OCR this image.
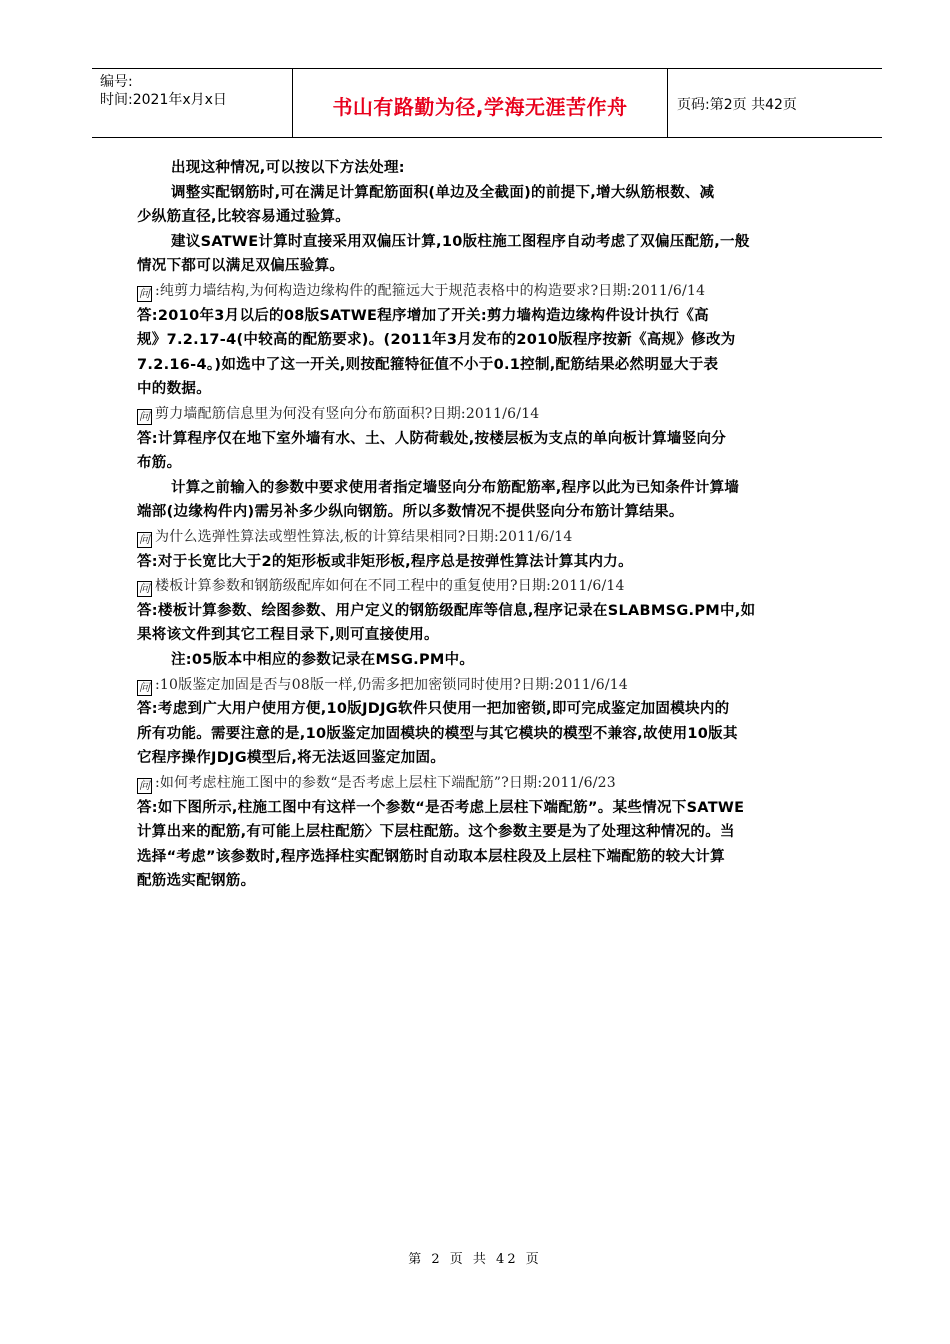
编号:
时间:2021年x月x日	书山有路勤为径,学海无涯苦作舟	页码:第2页 共42页
出现这种情况,可以按以下方法处理:
调整实配钢筋时,可在满足计算配筋面积(单边及全截面)的前提下,增大纵筋根数、减
少纵筋直径,比较容易通过验算。
建议SATWE计算时直接采用双偏压计算,10版柱施工图程序自动考虑了双偏压配筋,一般
情况下都可以满足双偏压验算。
问 :纯剪力墙结构,为何构造边缘构件的配箍远大于规范表格中的构造要求?日期:2011/6/14
答:2010年3月以后的08版SATWE程序增加了开关:剪力墙构造边缘构件设计执行《高
规》7.2.17-4(中较高的配筋要求)。(2011年3月发布的2010版程序按新《高规》修改为
7.2.16-4。)如选中了这一开关,则按配箍特征值不小于0.1控制,配筋结果必然明显大于表
中的数据。
问 剪力墙配筋信息里为何没有竖向分布筋面积?日期:2011/6/14
答:计算程序仅在地下室外墙有水、土、人防荷载处,按楼层板为支点的单向板计算墙竖向分
布筋。
计算之前输入的参数中要求使用者指定墙竖向分布筋配筋率,程序以此为已知条件计算墙
端部(边缘构件内)需另补多少纵向钢筋。所以多数情况不提供竖向分布筋计算结果。
问 为什么选弹性算法或塑性算法,板的计算结果相同?日期:2011/6/14
答:对于长宽比大于2的矩形板或非矩形板,程序总是按弹性算法计算其内力。
问 楼板计算参数和钢筋级配库如何在不同工程中的重复使用?日期:2011/6/14
答:楼板计算参数、绘图参数、用户定义的钢筋级配库等信息,程序记录在SLABMSG.PM中,如
果将该文件到其它工程目录下,则可直接使用。
注:05版本中相应的参数记录在MSG.PM中。
问 :10版鉴定加固是否与08版一样,仍需多把加密锁同时使用?日期:2011/6/14
答:考虑到广大用户使用方便,10版JDJG软件只使用一把加密锁,即可完成鉴定加固模块内的
所有功能。需要注意的是,10版鉴定加固模块的模型与其它模块的模型不兼容,故使用10版其
它程序操作JDJG模型后,将无法返回鉴定加固。
问 :如何考虑柱施工图中的参数“是否考虑上层柱下端配筋”?日期:2011/6/23
答:如下图所示,柱施工图中有这样一个参数“是否考虑上层柱下端配筋”。某些情况下SATWE
计算出来的配筋,有可能上层柱配筋〉下层柱配筋。这个参数主要是为了处理这种情况的。当
选择“考虑”该参数时,程序选择柱实配钢筋时自动取本层柱段及上层柱下端配筋的较大计算
配筋选实配钢筋。
第 2 页 共 42 页
